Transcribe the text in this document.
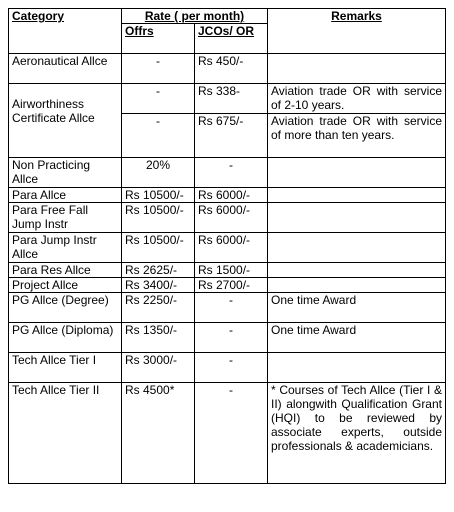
Category	Rate ( per month)		Remarks
	Offrs	JCOs/ OR	
Aeronautical Allce	-	Rs 450/-	
Airworthiness Certificate Allce	-	Rs 338-	Aviation trade OR with service of 2-10 years.
	-	Rs 675/-	Aviation trade OR with service of more than ten years.
Non Practicing Allce	20%	-	
Para Allce	Rs 10500/-	Rs 6000/-	
Para Free Fall Jump Instr	Rs 10500/-	Rs 6000/-	
Para Jump Instr Allce	Rs 10500/-	Rs 6000/-	
Para Res Allce	Rs 2625/-	Rs 1500/-	
Project Allce	Rs 3400/-	Rs 2700/-	
PG Allce (Degree)	Rs 2250/-	-	One time Award
PG Allce (Diploma)	Rs 1350/-	-	One time Award
Tech Allce Tier I	Rs 3000/-	-	
Tech Allce Tier II	Rs 4500*	-	* Courses of Tech Allce (Tier I & II) alongwith Qualification Grant (HQI) to be reviewed by associate experts, outside professionals & academicians.
